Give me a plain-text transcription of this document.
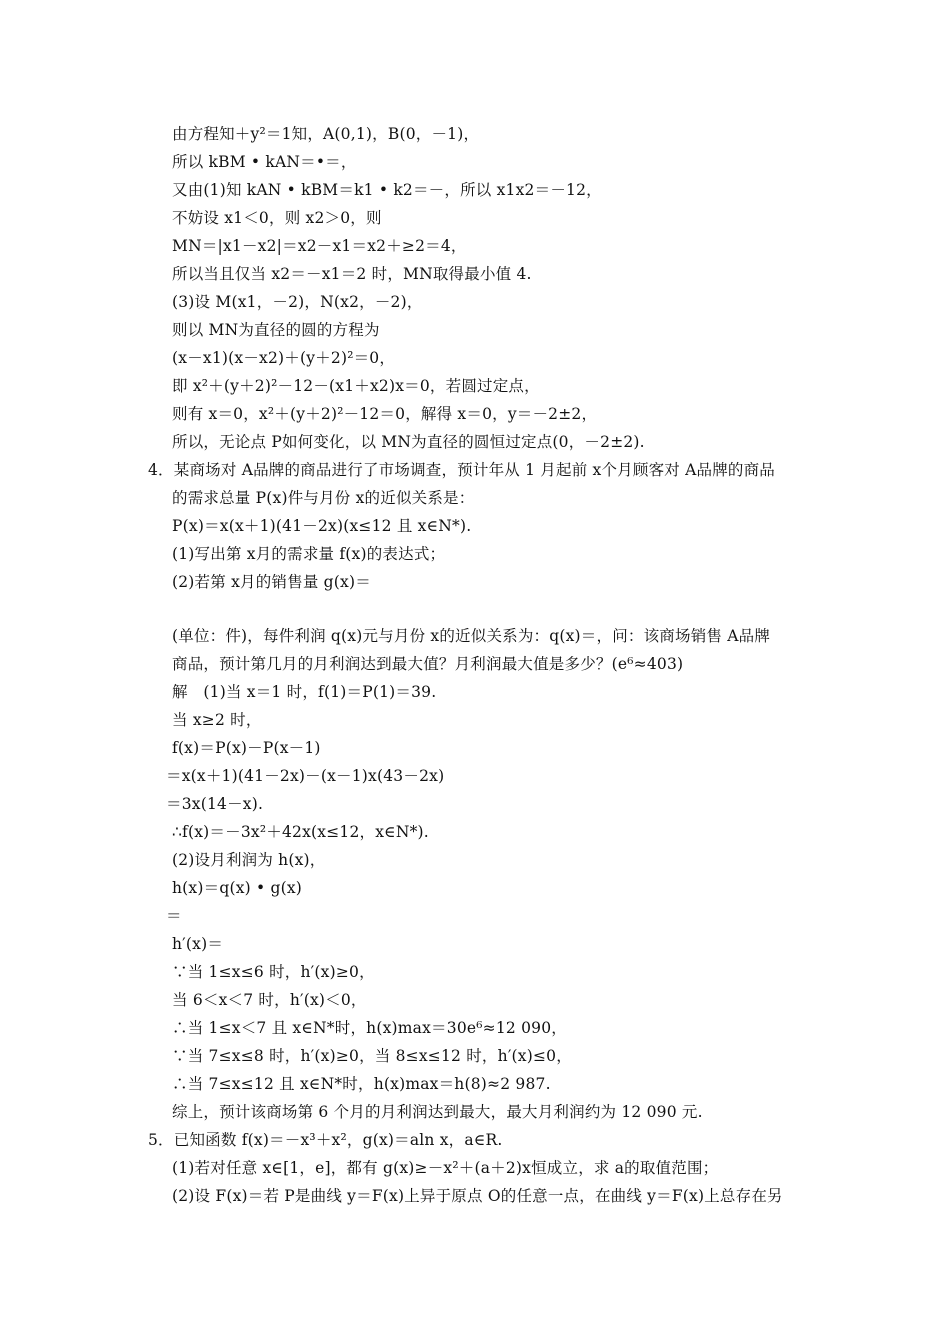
由方程知＋y²＝1知，A(0,1)，B(0，－1)，
所以 kBM • kAN＝•＝，
又由(1)知 kAN • kBM＝k1 • k2＝－，所以 x1x2＝－12，
不妨设 x1＜0，则 x2＞0，则
MN＝|x1－x2|＝x2－x1＝x2＋≥2＝4，
所以当且仅当 x2＝－x1＝2 时，MN取得最小值 4.
(3)设 M(x1，－2)，N(x2，－2)，
则以 MN为直径的圆的方程为
(x－x1)(x－x2)＋(y＋2)²＝0，
即 x²＋(y＋2)²－12－(x1＋x2)x＝0，若圆过定点，
则有 x＝0，x²＋(y＋2)²－12＝0，解得 x＝0，y＝－2±2，
所以，无论点 P如何变化，以 MN为直径的圆恒过定点(0，－2±2).
4．某商场对 A品牌的商品进行了市场调查，预计年从 1 月起前 x个月顾客对 A品牌的商品
的需求总量 P(x)件与月份 x的近似关系是：
P(x)＝x(x＋1)(41－2x)(x≤12 且 x∈N*).
(1)写出第 x月的需求量 f(x)的表达式；
(2)若第 x月的销售量 g(x)＝
(单位：件)，每件利润 q(x)元与月份 x的近似关系为：q(x)＝，问：该商场销售 A品牌
商品，预计第几月的月利润达到最大值？月利润最大值是多少？(e⁶≈403)
解　(1)当 x＝1 时，f(1)＝P(1)＝39.
当 x≥2 时，
f(x)＝P(x)－P(x－1)
＝x(x＋1)(41－2x)－(x－1)x(43－2x)
＝3x(14－x).
∴f(x)＝－3x²＋42x(x≤12，x∈N*).
(2)设月利润为 h(x)，
h(x)＝q(x) • g(x)
＝
h′(x)＝
∵当 1≤x≤6 时，h′(x)≥0，
当 6＜x＜7 时，h′(x)＜0，
∴当 1≤x＜7 且 x∈N*时，h(x)max＝30e⁶≈12 090，
∵当 7≤x≤8 时，h′(x)≥0，当 8≤x≤12 时，h′(x)≤0，
∴当 7≤x≤12 且 x∈N*时，h(x)max＝h(8)≈2 987.
综上，预计该商场第 6 个月的月利润达到最大，最大月利润约为 12 090 元.
5．已知函数 f(x)＝－x³＋x²，g(x)＝aln x，a∈R.
(1)若对任意 x∈[1，e]，都有 g(x)≥－x²＋(a＋2)x恒成立，求 a的取值范围；
(2)设 F(x)＝若 P是曲线 y＝F(x)上异于原点 O的任意一点，在曲线 y＝F(x)上总存在另
